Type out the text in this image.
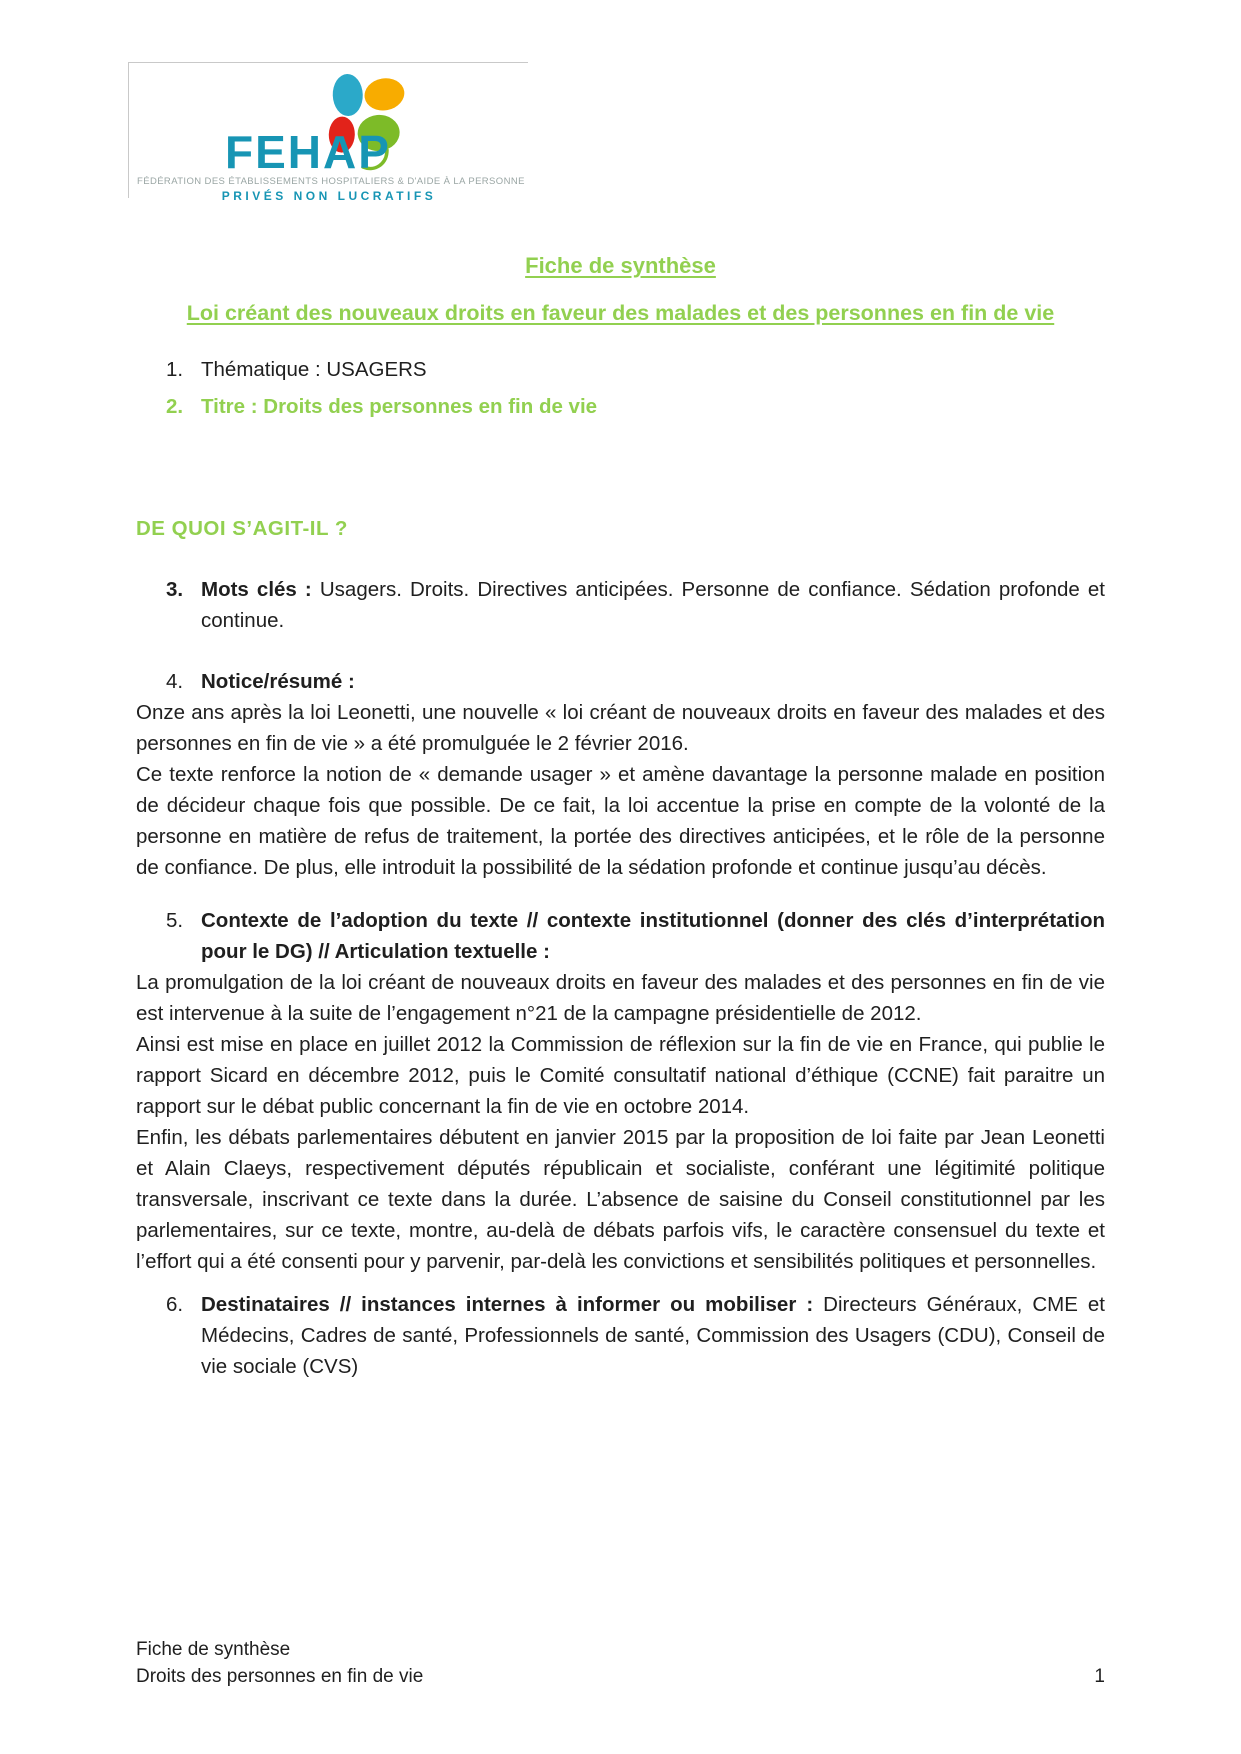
FEHAP
FÉDÉRATION DES ÉTABLISSEMENTS HOSPITALIERS & D'AIDE À LA PERSONNE
PRIVÉS NON LUCRATIFS
Fiche de synthèse
Loi créant des nouveaux droits en faveur des malades et des personnes en fin de vie
1. Thématique : USAGERS
2. Titre : Droits des personnes en fin de vie
DE QUOI S’AGIT-IL ?
3. Mots clés : Usagers. Droits. Directives anticipées. Personne de confiance. Sédation profonde et continue.

4. Notice/résumé :

Onze ans après la loi Leonetti, une nouvelle « loi créant de nouveaux droits en faveur des malades et des personnes en fin de vie » a été promulguée le 2 février 2016.

Ce texte renforce la notion de « demande usager » et amène davantage la personne malade en position de décideur chaque fois que possible. De ce fait, la loi accentue la prise en compte de la volonté de la personne en matière de refus de traitement, la portée des directives anticipées, et le rôle de la personne de confiance. De plus, elle introduit la possibilité de la sédation profonde et continue jusqu’au décès.

5. Contexte de l’adoption du texte // contexte institutionnel (donner des clés d’interprétation pour le DG) // Articulation textuelle :

La promulgation de la loi créant de nouveaux droits en faveur des malades et des personnes en fin de vie est intervenue à la suite de l’engagement n°21 de la campagne présidentielle de 2012.

Ainsi est mise en place en juillet 2012 la Commission de réflexion sur la fin de vie en France, qui publie le rapport Sicard en décembre 2012, puis le Comité consultatif national d’éthique (CCNE) fait paraitre un rapport sur le débat public concernant la fin de vie en octobre 2014.

Enfin, les débats parlementaires débutent en janvier 2015 par la proposition de loi faite par Jean Leonetti et Alain Claeys, respectivement députés républicain et socialiste, conférant une légitimité politique transversale, inscrivant ce texte dans la durée. L’absence de saisine du Conseil constitutionnel par les parlementaires, sur ce texte, montre, au-delà de débats parfois vifs, le caractère consensuel du texte et l’effort qui a été consenti pour y parvenir, par-delà les convictions et sensibilités politiques et personnelles.

6. Destinataires // instances internes à informer ou mobiliser : Directeurs Généraux, CME et Médecins, Cadres de santé, Professionnels de santé, Commission des Usagers (CDU), Conseil de vie sociale (CVS)

Fiche de synthèse
Droits des personnes en fin de vie	1
